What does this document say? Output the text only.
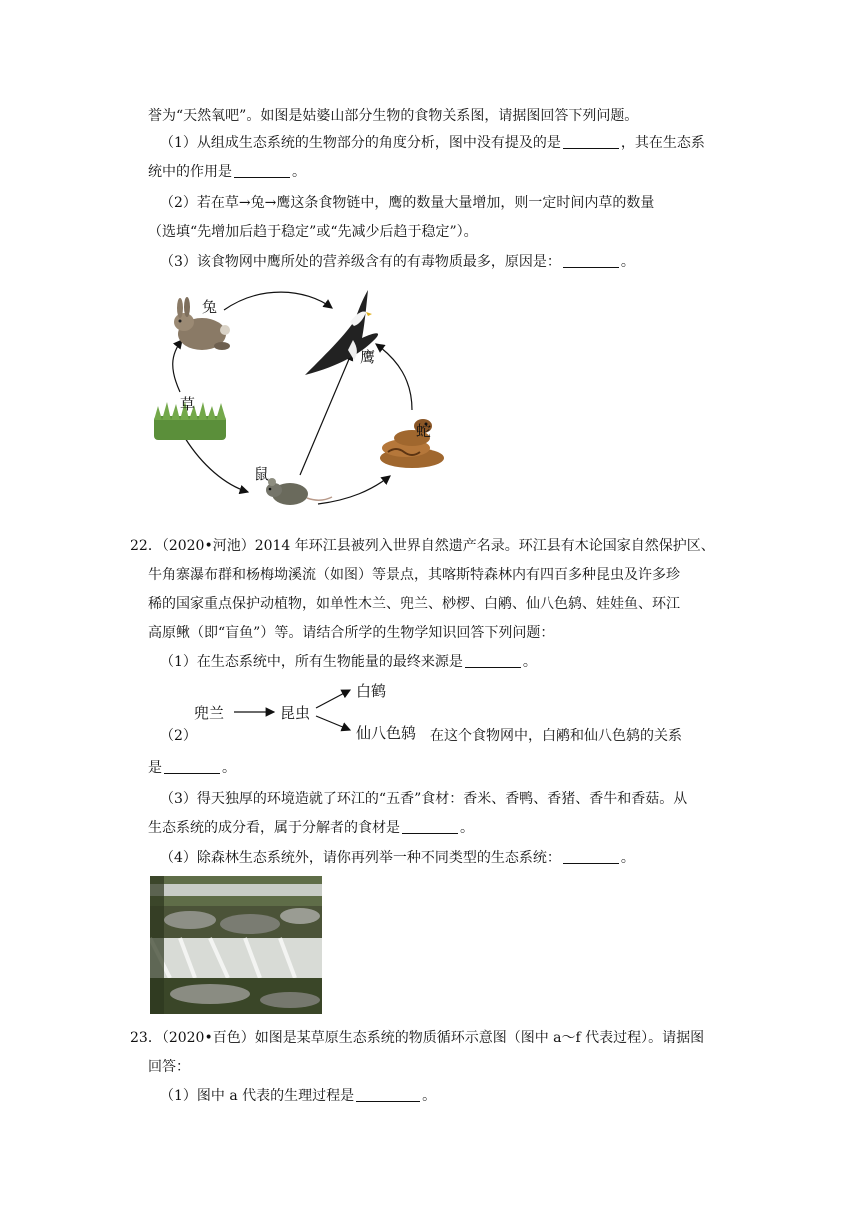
誉为“天然氧吧”。如图是姑婆山部分生物的食物关系图，请据图回答下列问题。
（1）从组成生态系统的生物部分的角度分析，图中没有提及的是	，其在生态系
统中的作用是	。
（2）若在草→兔→鹰这条食物链中，鹰的数量大量增加，则一定时间内草的数量
（选填“先增加后趋于稳定”或“先减少后趋于稳定”）。
（3）该食物网中鹰所处的营养级含有的有毒物质最多，原因是：	。
兔
鹰
草
蛇
鼠
22．（2020•河池）2014 年环江县被列入世界自然遗产名录。环江县有木论国家自然保护区、
牛角寨瀑布群和杨梅坳溪流（如图）等景点，其喀斯特森林内有四百多种昆虫及许多珍
稀的国家重点保护动植物，如单性木兰、兜兰、桫椤、白鹇、仙八色鸫、娃娃鱼、环江
高原鳅（即“盲鱼”）等。请结合所学的生物学知识回答下列问题：
（1）在生态系统中，所有生物能量的最终来源是	。
兜兰	昆虫
白鹤
仙八色鸫
（2）	在这个食物网中，白鹇和仙八色鸫的关系
是	。
（3）得天独厚的环境造就了环江的“五香”食材：香米、香鸭、香猪、香牛和香菇。从
生态系统的成分看，属于分解者的食材是	。
（4）除森林生态系统外，请你再列举一种不同类型的生态系统：	。
23．（2020•百色）如图是某草原生态系统的物质循环示意图（图中 a～f 代表过程）。请据图
回答：
（1）图中 a 代表的生理过程是	。
